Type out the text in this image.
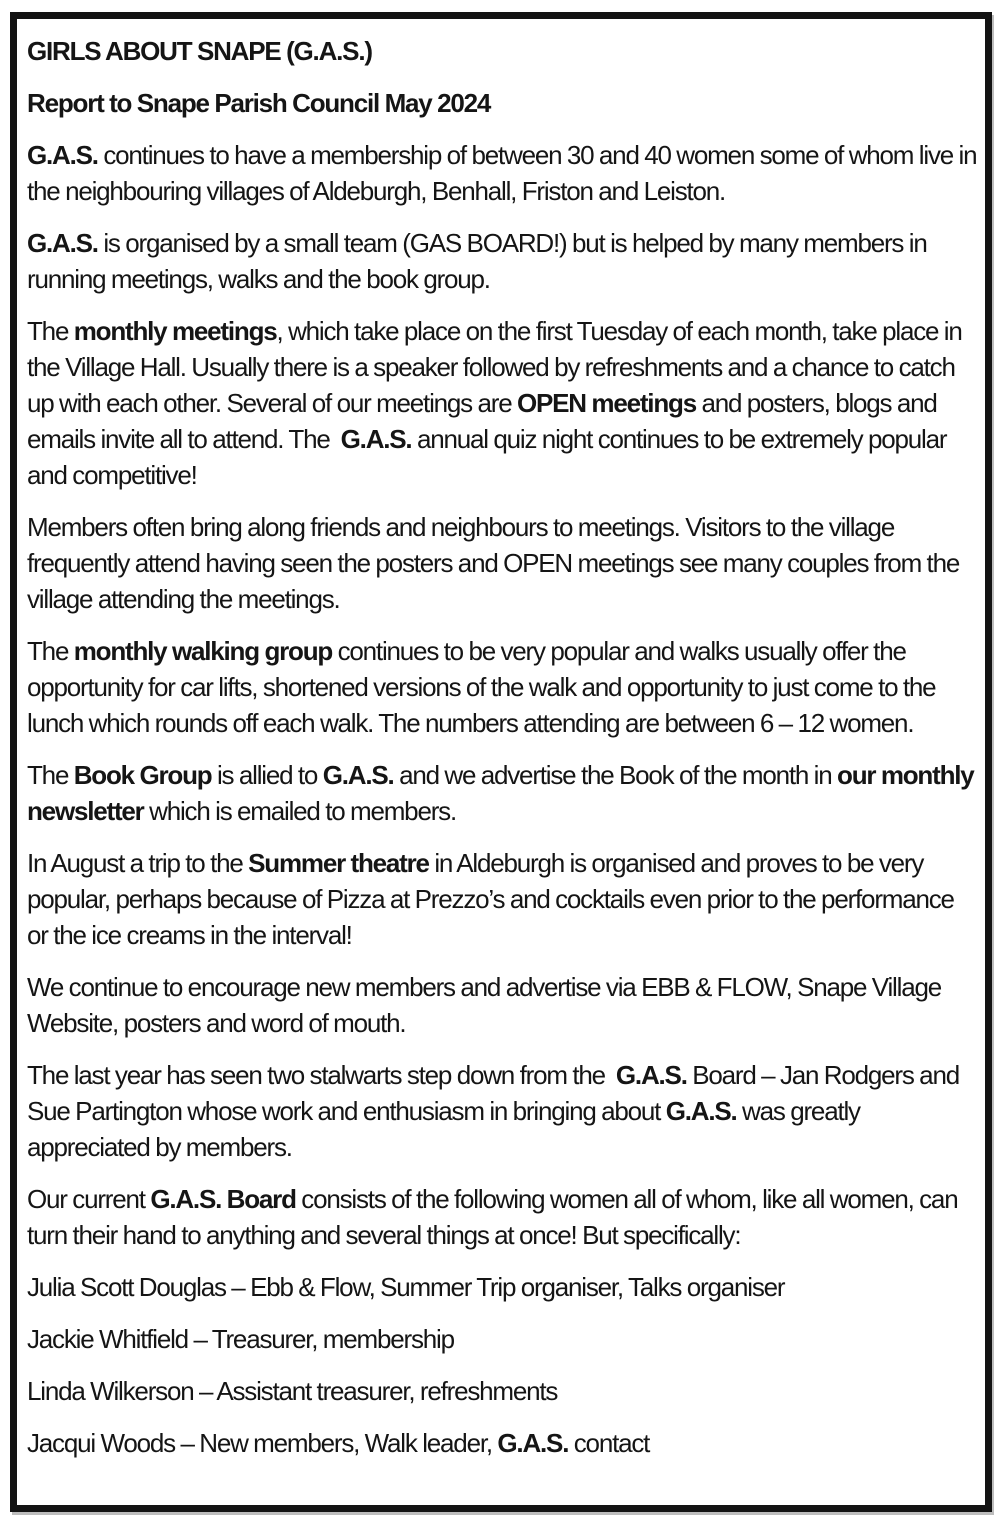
GIRLS ABOUT SNAPE (G.A.S.)

Report to Snape Parish Council May 2024

G.A.S. continues to have a membership of between 30 and 40 women some of whom live in the neighbouring villages of Aldeburgh, Benhall, Friston and Leiston.

G.A.S. is organised by a small team (GAS BOARD!) but is helped by many members in running meetings, walks and the book group.

The monthly meetings, which take place on the first Tuesday of each month, take place in the Village Hall. Usually there is a speaker followed by refreshments and a chance to catch up with each other. Several of our meetings are OPEN meetings and posters, blogs and emails invite all to attend. The  G.A.S. annual quiz night continues to be extremely popular and competitive!

Members often bring along friends and neighbours to meetings. Visitors to the village frequently attend having seen the posters and OPEN meetings see many couples from the village attending the meetings.

The monthly walking group continues to be very popular and walks usually offer the opportunity for car lifts, shortened versions of the walk and opportunity to just come to the lunch which rounds off each walk. The numbers attending are between 6 – 12 women.

The Book Group is allied to G.A.S. and we advertise the Book of the month in our monthly newsletter which is emailed to members.

In August a trip to the Summer theatre in Aldeburgh is organised and proves to be very popular, perhaps because of Pizza at Prezzo’s and cocktails even prior to the performance or the ice creams in the interval!

We continue to encourage new members and advertise via EBB & FLOW, Snape Village Website, posters and word of mouth.

The last year has seen two stalwarts step down from the  G.A.S. Board – Jan Rodgers and Sue Partington whose work and enthusiasm in bringing about G.A.S. was greatly appreciated by members.

Our current G.A.S. Board consists of the following women all of whom, like all women, can turn their hand to anything and several things at once! But specifically:

Julia Scott Douglas – Ebb & Flow, Summer Trip organiser, Talks organiser

Jackie Whitfield – Treasurer, membership

Linda Wilkerson – Assistant treasurer, refreshments

Jacqui Woods – New members, Walk leader, G.A.S. contact
